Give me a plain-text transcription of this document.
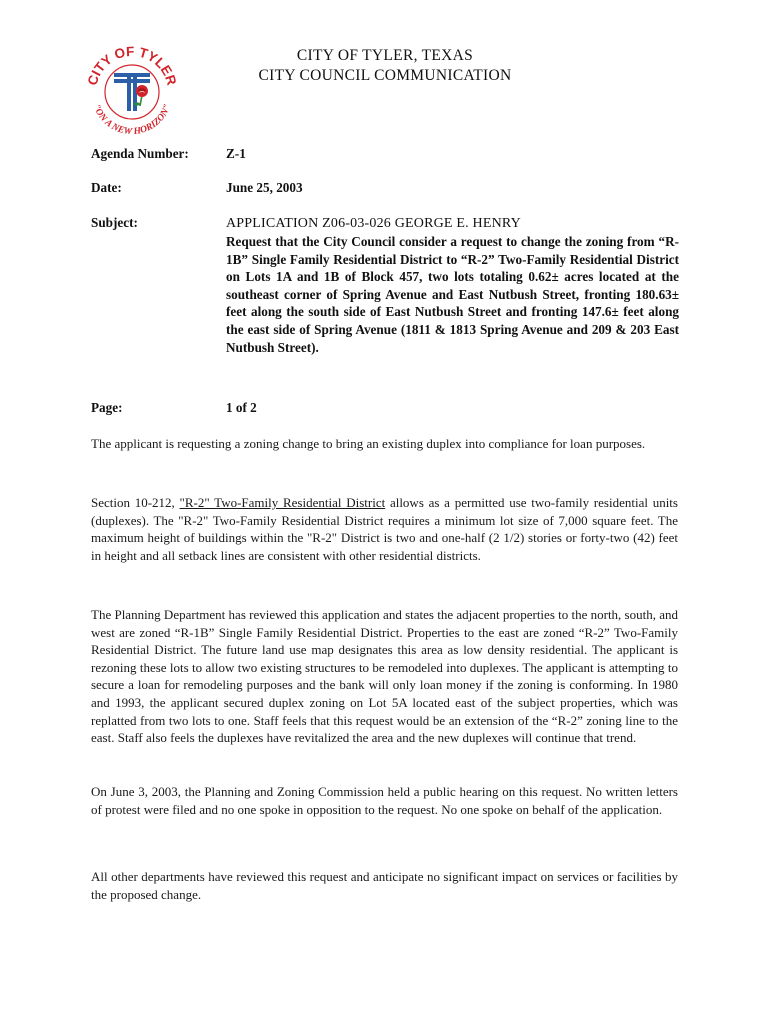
CITY OF TYLER
"ON A NEW HORIZON"
CITY OF TYLER, TEXAS
CITY COUNCIL COMMUNICATION
Agenda Number:	Z-1
Date:	June 25, 2003
Subject:	APPLICATION Z06-03-026 GEORGE E. HENRY
Request that the City Council consider a request to change the zoning from “R-1B” Single Family Residential District to “R-2” Two-Family Residential District on Lots 1A and 1B of Block 457, two lots totaling 0.62± acres located at the southeast corner of Spring Avenue and East Nutbush Street, fronting 180.63± feet along the south side of East Nutbush Street and fronting 147.6± feet along the east side of Spring Avenue (1811 & 1813 Spring Avenue and 209 & 203 East Nutbush Street).
Page:	1 of 2
The applicant is requesting a zoning change to bring an existing duplex into compliance for loan purposes.
Section 10-212, "R-2" Two-Family Residential District allows as a permitted use two-family residential units (duplexes). The "R-2" Two-Family Residential District requires a minimum lot size of 7,000 square feet. The maximum height of buildings within the "R-2" District is two and one-half (2 1/2) stories or forty-two (42) feet in height and all setback lines are consistent with other residential districts.
The Planning Department has reviewed this application and states the adjacent properties to the north, south, and west are zoned “R-1B” Single Family Residential District. Properties to the east are zoned “R-2” Two-Family Residential District. The future land use map designates this area as low density residential. The applicant is rezoning these lots to allow two existing structures to be remodeled into duplexes. The applicant is attempting to secure a loan for remodeling purposes and the bank will only loan money if the zoning is conforming. In 1980 and 1993, the applicant secured duplex zoning on Lot 5A located east of the subject properties, which was replatted from two lots to one. Staff feels that this request would be an extension of the “R-2” zoning line to the east. Staff also feels the duplexes have revitalized the area and the new duplexes will continue that trend.
On June 3, 2003, the Planning and Zoning Commission held a public hearing on this request. No written letters of protest were filed and no one spoke in opposition to the request. No one spoke on behalf of the application.
All other departments have reviewed this request and anticipate no significant impact on services or facilities by the proposed change.
